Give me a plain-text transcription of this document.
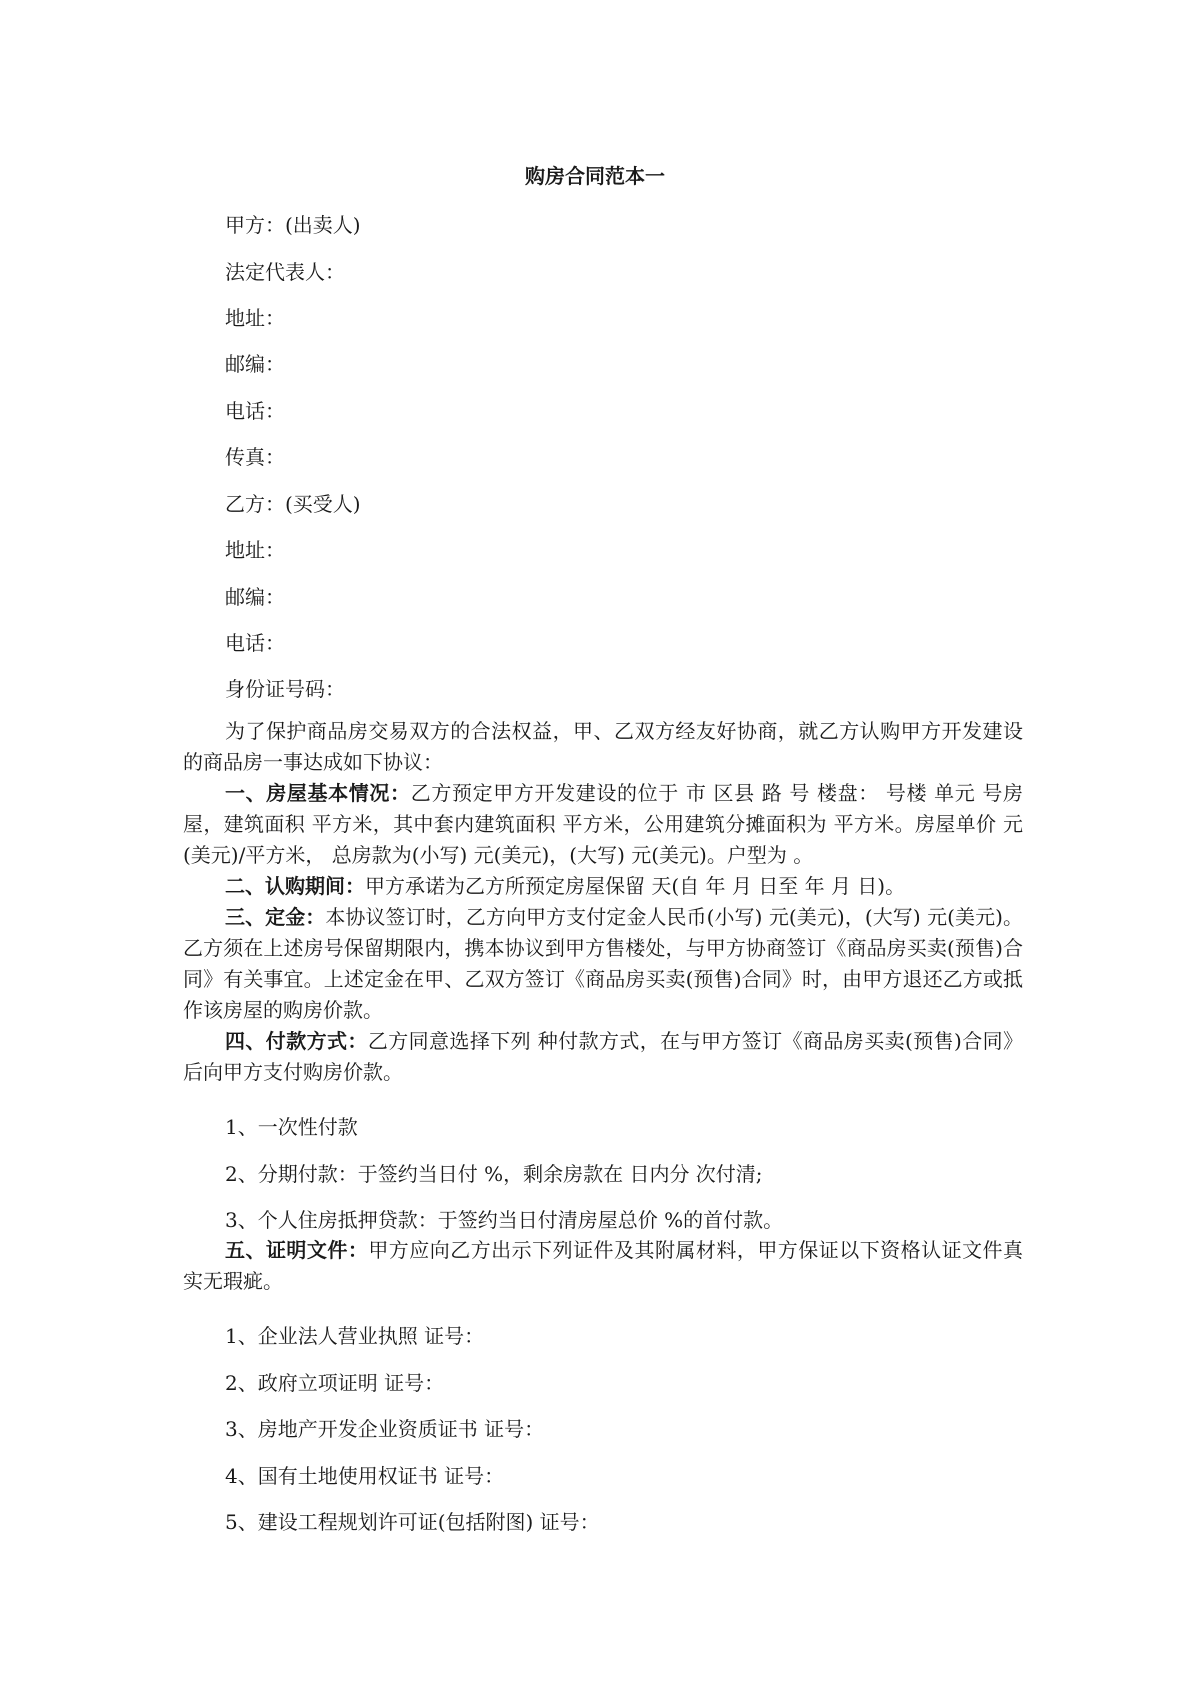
购房合同范本一
甲方：(出卖人)
法定代表人：
地址：
邮编：
电话：
传真：
乙方：(买受人)
地址：
邮编：
电话：
身份证号码：
为了保护商品房交易双方的合法权益，甲、乙双方经友好协商，就乙方认购甲方开发建设的商品房一事达成如下协议：
一、房屋基本情况：乙方预定甲方开发建设的位于 市 区县 路 号 楼盘： 号楼 单元 号房屋，建筑面积 平方米，其中套内建筑面积 平方米，公用建筑分摊面积为 平方米。房屋单价 元(美元)/平方米， 总房款为(小写) 元(美元)，(大写) 元(美元)。户型为 。
二、认购期间：甲方承诺为乙方所预定房屋保留 天(自 年 月 日至 年 月 日)。
三、定金：本协议签订时，乙方向甲方支付定金人民币(小写) 元(美元)，(大写) 元(美元)。乙方须在上述房号保留期限内，携本协议到甲方售楼处，与甲方协商签订《商品房买卖(预售)合同》有关事宜。上述定金在甲、乙双方签订《商品房买卖(预售)合同》时，由甲方退还乙方或抵作该房屋的购房价款。
四、付款方式：乙方同意选择下列 种付款方式，在与甲方签订《商品房买卖(预售)合同》后向甲方支付购房价款。
1、一次性付款
2、分期付款：于签约当日付 %，剩余房款在 日内分 次付清;
3、个人住房抵押贷款：于签约当日付清房屋总价 %的首付款。
五、证明文件：甲方应向乙方出示下列证件及其附属材料，甲方保证以下资格认证文件真实无瑕疵。
1、企业法人营业执照 证号：
2、政府立项证明 证号：
3、房地产开发企业资质证书 证号：
4、国有土地使用权证书 证号：
5、建设工程规划许可证(包括附图) 证号：
